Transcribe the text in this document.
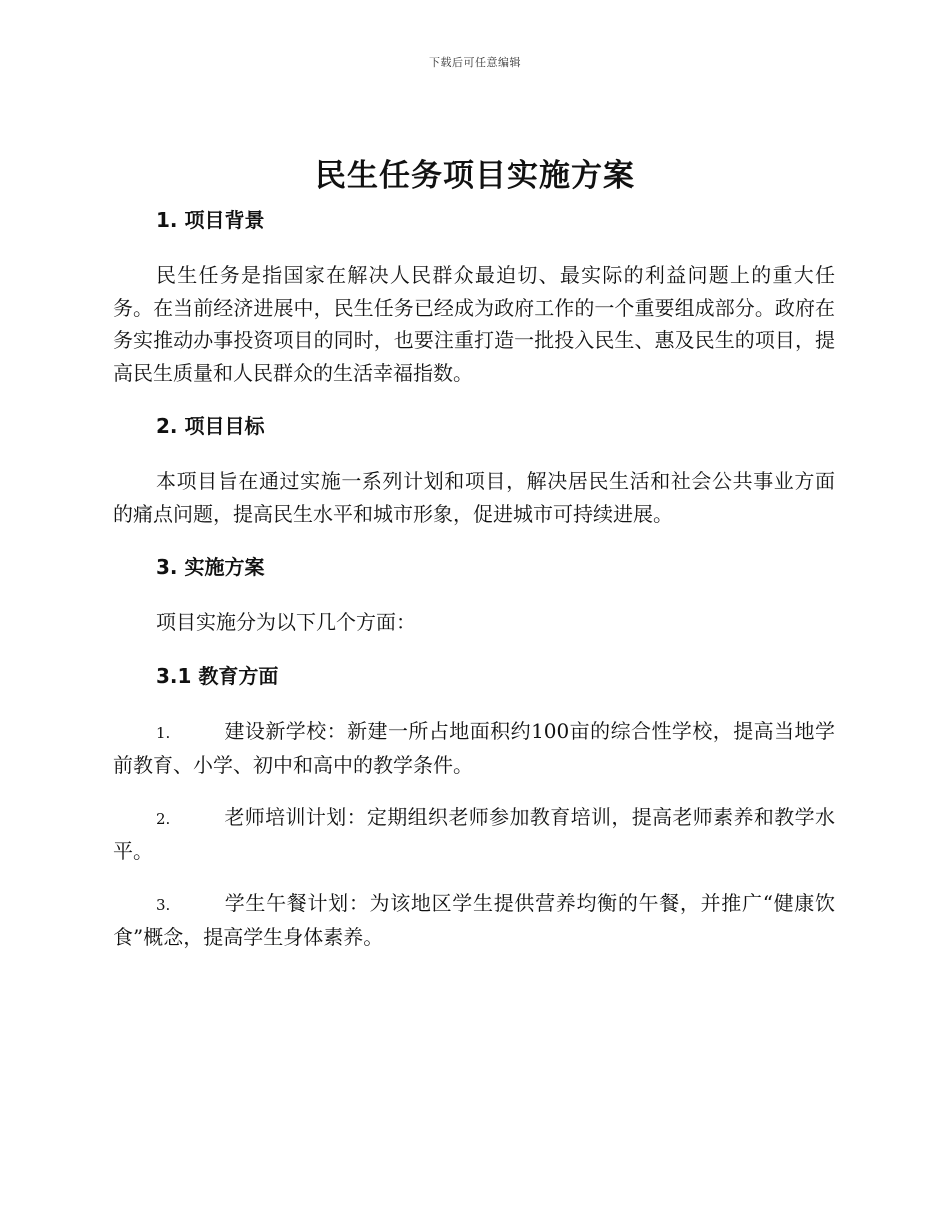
下载后可任意编辑
民生任务项目实施方案
1. 项目背景

民生任务是指国家在解决人民群众最迫切、最实际的利益问题上的重大任务。在当前经济进展中，民生任务已经成为政府工作的一个重要组成部分。政府在务实推动办事投资项目的同时，也要注重打造一批投入民生、惠及民生的项目，提高民生质量和人民群众的生活幸福指数。

2. 项目目标

本项目旨在通过实施一系列计划和项目，解决居民生活和社会公共事业方面的痛点问题，提高民生水平和城市形象，促进城市可持续进展。

3. 实施方案

项目实施分为以下几个方面：

3.1 教育方面

1.	建设新学校：新建一所占地面积约100亩的综合性学校，提高当地学前教育、小学、初中和高中的教学条件。

2.	老师培训计划：定期组织老师参加教育培训，提高老师素养和教学水平。

3.	学生午餐计划：为该地区学生提供营养均衡的午餐，并推广“健康饮食”概念，提高学生身体素养。
